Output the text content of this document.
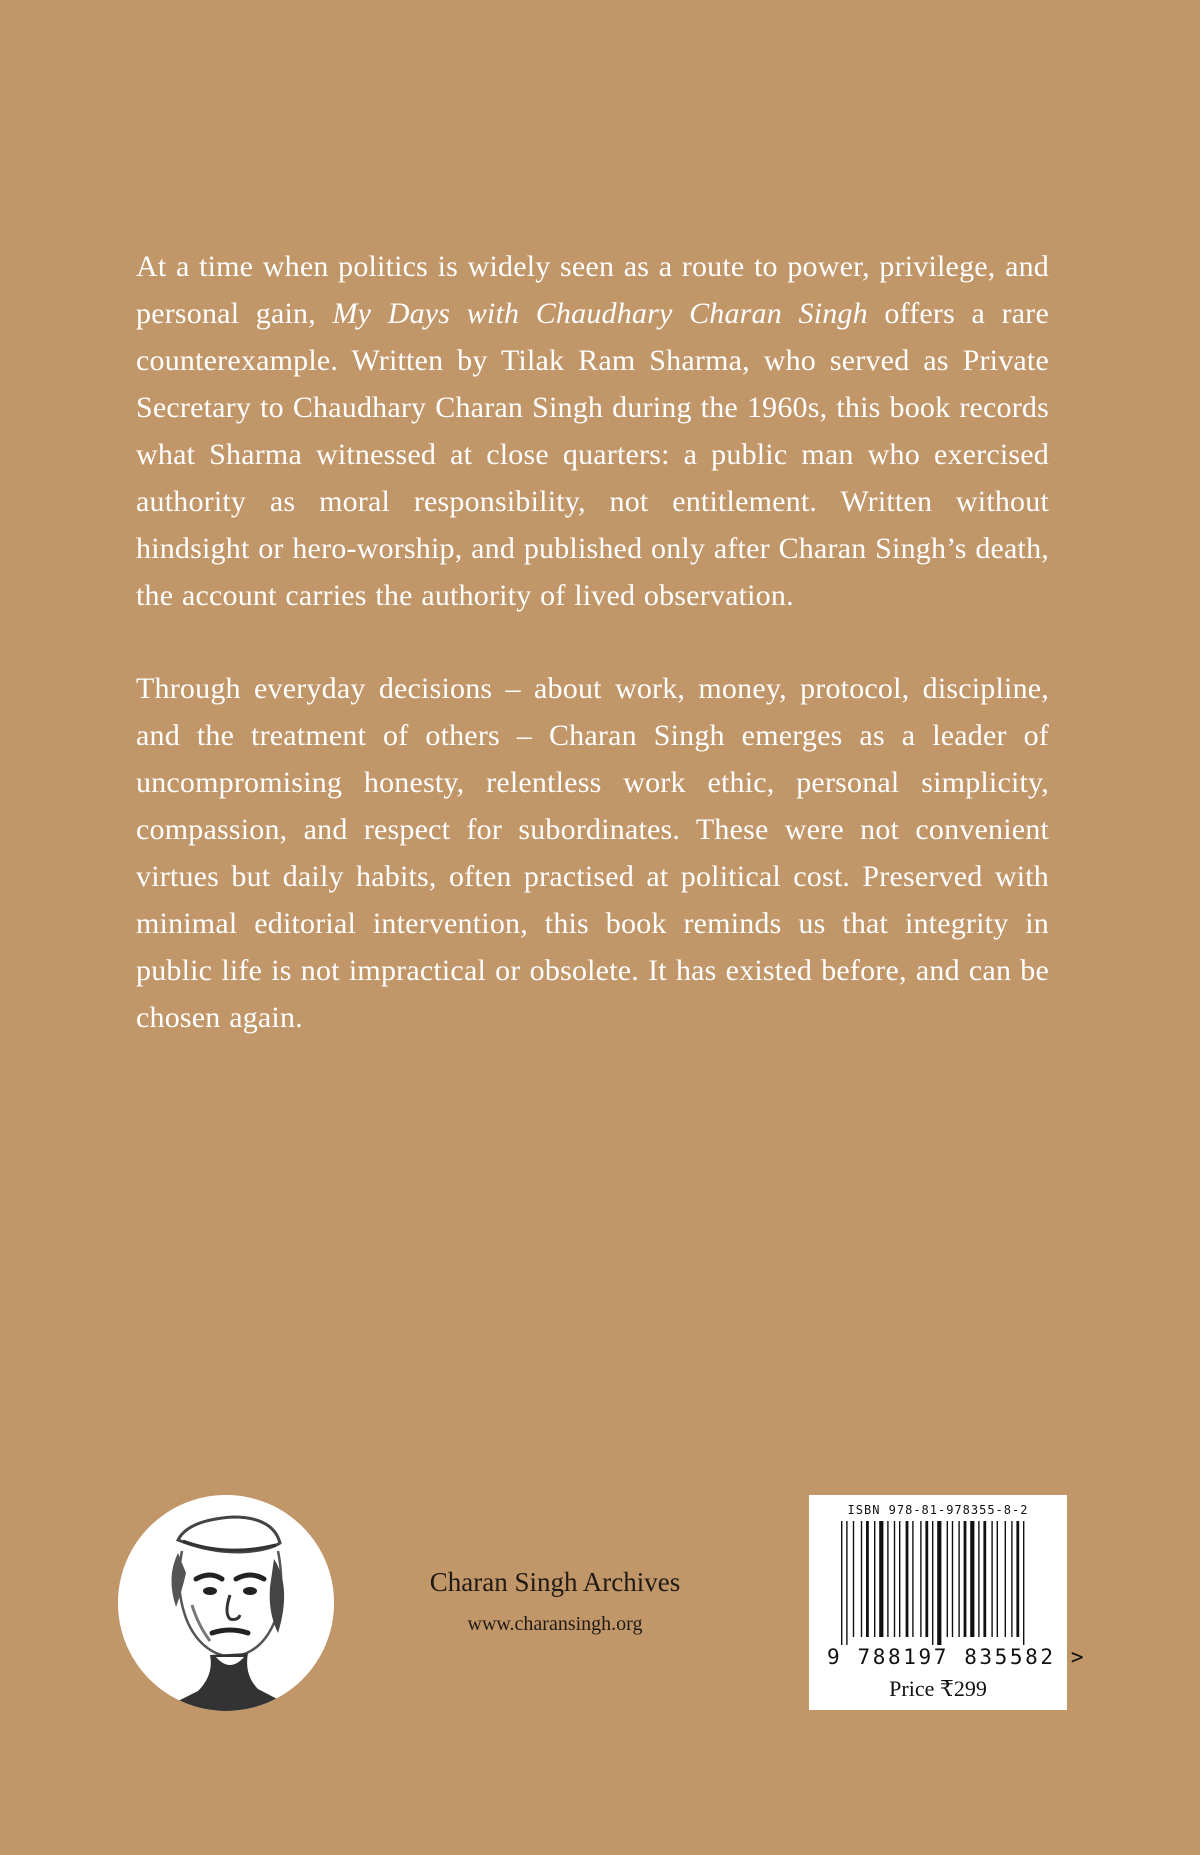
At a time when politics is widely seen as a route to power, privilege, and personal gain, My Days with Chaudhary Charan Singh offers a rare counterexample. Written by Tilak Ram Sharma, who served as Private Secretary to Chaudhary Charan Singh during the 1960s, this book records what Sharma witnessed at close quarters: a public man who exercised authority as moral responsibility, not entitlement. Written without hindsight or hero-worship, and published only after Charan Singh’s death, the account carries the authority of lived observation.

Through everyday decisions – about work, money, protocol, discipline, and the treatment of others – Charan Singh emerges as a leader of uncompromising honesty, relentless work ethic, personal simplicity, compassion, and respect for subordinates. These were not convenient virtues but daily habits, often practised at political cost. Preserved with minimal editorial intervention, this book reminds us that integrity in public life is not impractical or obsolete. It has existed before, and can be chosen again.

Charan Singh Archives
www.charansingh.org
ISBN 978-81-978355-8-2
9 788197 835582 >
Price ₹299
